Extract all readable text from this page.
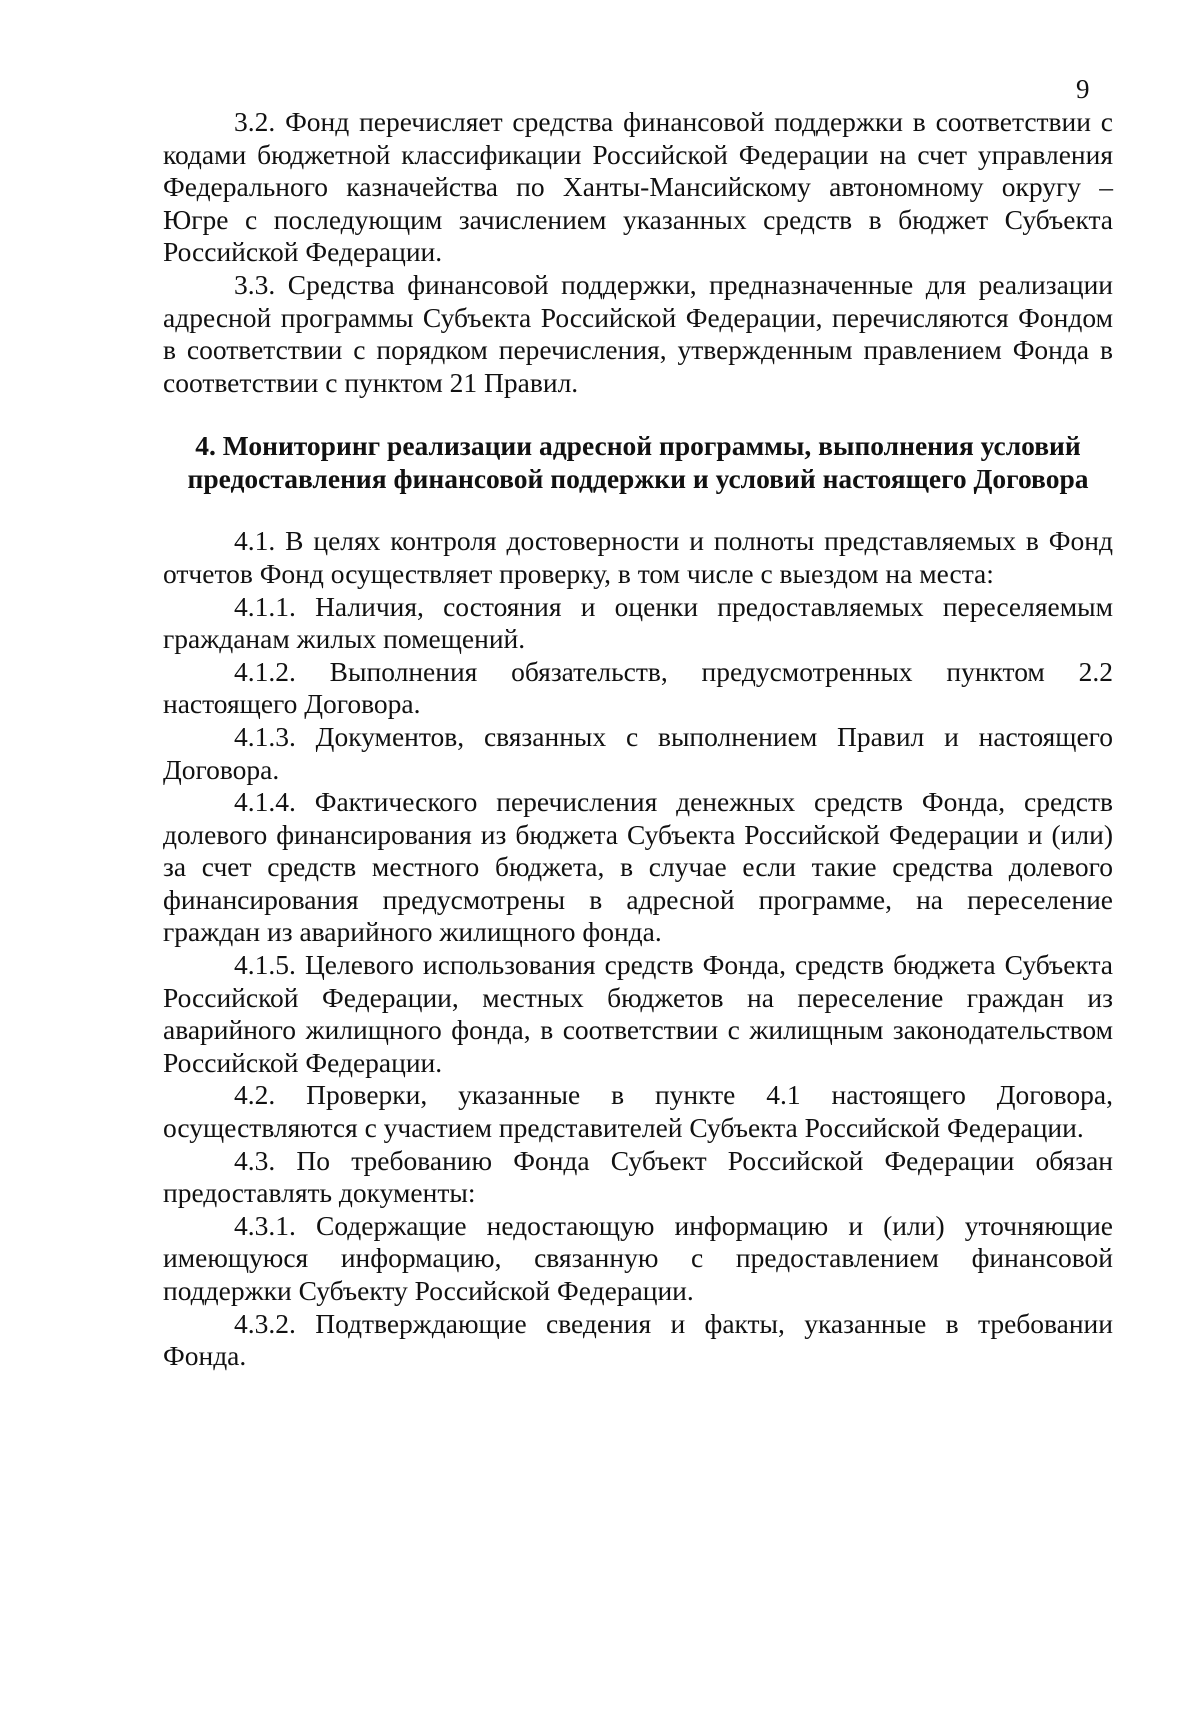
9

3.2. Фонд перечисляет средства финансовой поддержки в соответствии с кодами бюджетной классификации Российской Федерации на счет управления Федерального казначейства по Ханты-Мансийскому автономному округу – Югре с последующим зачислением указанных средств в бюджет Субъекта Российской Федерации.

3.3. Средства финансовой поддержки, предназначенные для реализации адресной программы Субъекта Российской Федерации, перечисляются Фондом в соответствии с порядком перечисления, утвержденным правлением Фонда в соответствии с пунктом 21 Правил.

4. Мониторинг реализации адресной программы, выполнения условий предоставления финансовой поддержки и условий настоящего Договора

4.1. В целях контроля достоверности и полноты представляемых в Фонд отчетов Фонд осуществляет проверку, в том числе с выездом на места:

4.1.1. Наличия, состояния и оценки предоставляемых переселяемым гражданам жилых помещений.

4.1.2. Выполнения обязательств, предусмотренных пунктом 2.2 настоящего Договора.

4.1.3. Документов, связанных с выполнением Правил и настоящего Договора.

4.1.4. Фактического перечисления денежных средств Фонда, средств долевого финансирования из бюджета Субъекта Российской Федерации и (или) за счет средств местного бюджета, в случае если такие средства долевого финансирования предусмотрены в адресной программе, на переселение граждан из аварийного жилищного фонда.

4.1.5. Целевого использования средств Фонда, средств бюджета Субъекта Российской Федерации, местных бюджетов на переселение граждан из аварийного жилищного фонда, в соответствии с жилищным законодательством Российской Федерации.

4.2. Проверки, указанные в пункте 4.1 настоящего Договора, осуществляются с участием представителей Субъекта Российской Федерации.

4.3. По требованию Фонда Субъект Российской Федерации обязан предоставлять документы:

4.3.1. Содержащие недостающую информацию и (или) уточняющие имеющуюся информацию, связанную с предоставлением финансовой поддержки Субъекту Российской Федерации.

4.3.2. Подтверждающие сведения и факты, указанные в требовании Фонда.
